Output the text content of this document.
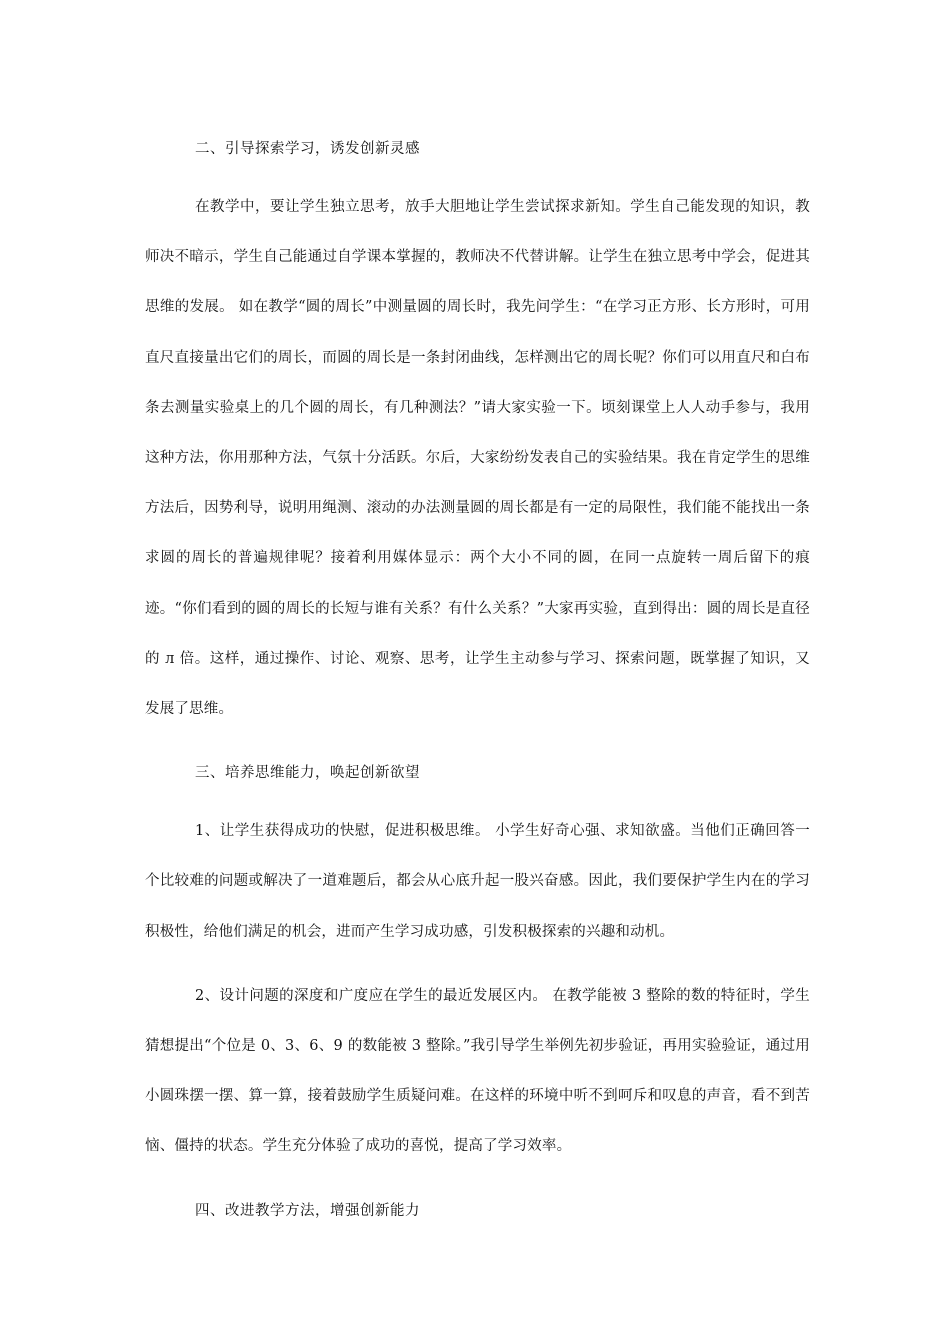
二、引导探索学习，诱发创新灵感

在教学中，要让学生独立思考，放手大胆地让学生尝试探求新知。学生自己能发现的知识，教师决不暗示，学生自己能通过自学课本掌握的，教师决不代替讲解。让学生在独立思考中学会，促进其思维的发展。 如在教学“圆的周长”中测量圆的周长时，我先问学生：“在学习正方形、长方形时，可用直尺直接量出它们的周长，而圆的周长是一条封闭曲线，怎样测出它的周长呢？你们可以用直尺和白布条去测量实验桌上的几个圆的周长，有几种测法？”请大家实验一下。顷刻课堂上人人动手参与，我用这种方法，你用那种方法，气氛十分活跃。尔后，大家纷纷发表自己的实验结果。我在肯定学生的思维方法后，因势利导，说明用绳测、滚动的办法测量圆的周长都是有一定的局限性，我们能不能找出一条求圆的周长的普遍规律呢？接着利用媒体显示：两个大小不同的圆，在同一点旋转一周后留下的痕迹。“你们看到的圆的周长的长短与谁有关系？有什么关系？”大家再实验，直到得出：圆的周长是直径的 л 倍。这样，通过操作、讨论、观察、思考，让学生主动参与学习、探索问题，既掌握了知识，又发展了思维。

三、培养思维能力，唤起创新欲望

1、让学生获得成功的快慰，促进积极思维。 小学生好奇心强、求知欲盛。当他们正确回答一个比较难的问题或解决了一道难题后，都会从心底升起一股兴奋感。因此，我们要保护学生内在的学习积极性，给他们满足的机会，进而产生学习成功感，引发积极探索的兴趣和动机。

2、设计问题的深度和广度应在学生的最近发展区内。 在教学能被 3 整除的数的特征时，学生猜想提出“个位是 0、3、6、9 的数能被 3 整除。”我引导学生举例先初步验证，再用实验验证，通过用小圆珠摆一摆、算一算，接着鼓励学生质疑问难。在这样的环境中听不到呵斥和叹息的声音，看不到苦恼、僵持的状态。学生充分体验了成功的喜悦，提高了学习效率。

四、改进教学方法，增强创新能力
